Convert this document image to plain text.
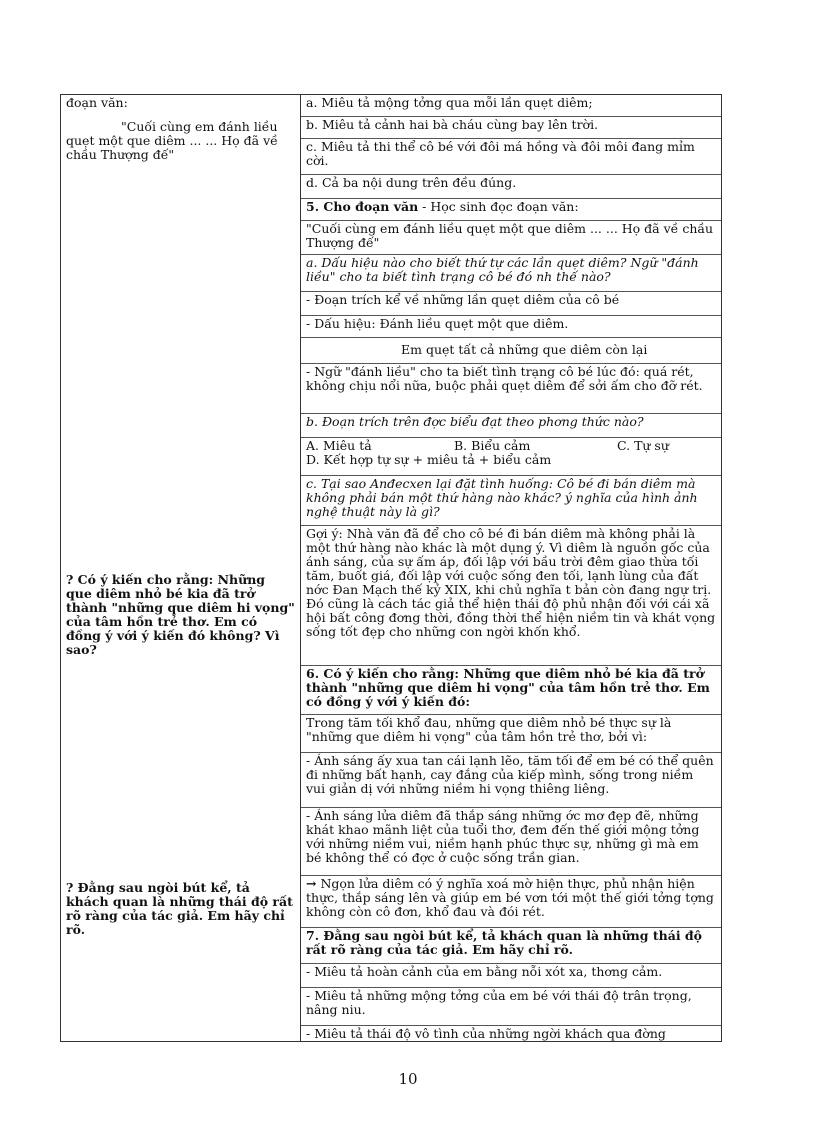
đoạn văn:
"Cuối cùng em đánh liều quẹt một que diêm ... ... Họ đã về chầu Thượng đế"
? Có ý kiến cho rằng: Những que diêm nhỏ bé kia đã trở thành "những que diêm hi vọng" của tâm hồn trẻ thơ. Em có đồng ý với ý kiến đó không? Vì sao?
? Đằng sau ngòi bút kể, tả khách quan là những thái độ rất rõ ràng của tác giả. Em hãy chỉ rõ.
a. Miêu tả mộng tởng qua mỗi lần quẹt diêm;
b. Miêu tả cảnh hai bà cháu cùng bay lên trời.
c. Miêu tả thi thể cô bé với đôi má hồng và đôi môi đang mỉm cời.
d. Cả ba nội dung trên đều đúng.
5. Cho đoạn văn - Học sinh đọc đoạn văn:
"Cuối cùng em đánh liều quẹt một que diêm ... ... Họ đã về chầu Thượng đế"
a. Dấu hiệu nào cho biết thứ tự các lần quẹt diêm? Ngữ "đánh liều" cho ta biết tình trạng cô bé đó nh thế nào?
- Đoạn trích kể về những lần quẹt diêm của cô bé
- Dấu hiệu: Đánh liều quẹt một que diêm.
Em quẹt tất cả những que diêm còn lại
- Ngữ "đánh liều" cho ta biết tình trạng cô bé lúc đó: quá rét, không chịu nổi nữa, buộc phải quẹt diêm để sởi ấm cho đỡ rét.
b. Đoạn trích trên đợc biểu đạt theo phơng thức nào?
A. Miêu tả	B. Biểu cảm	C. Tự sự
D. Kết hợp tự sự + miêu tả + biểu cảm
c. Tại sao Anđecxen lại đặt tình huống: Cô bé đi bán diêm mà không phải bán một thứ hàng nào khác? ý nghĩa của hình ảnh nghệ thuật này là gì?
Gợi ý: Nhà văn đã để cho cô bé đi bán diêm mà không phải là một thứ hàng nào khác là một dụng ý. Vì diêm là nguồn gốc của ánh sáng, của sự ấm áp, đối lập với bầu trời đêm giao thừa tối tăm, buốt giá, đối lập với cuộc sống đen tối, lạnh lùng của đất nớc Đan Mạch thế kỷ XIX, khi chủ nghĩa t bản còn đang ngự trị. Đó cũng là cách tác giả thể hiện thái độ phủ nhận đối với cái xã hội bất công đơng thời, đồng thời thể hiện niềm tin và khát vọng sống tốt đẹp cho những con ngời khốn khổ.
6. Có ý kiến cho rằng: Những que diêm nhỏ bé kia đã trở thành "những que diêm hi vọng" của tâm hồn trẻ thơ. Em có đồng ý với ý kiến đó:
Trong tăm tối khổ đau, những que diêm nhỏ bé thực sự là "những que diêm hi vọng" của tâm hồn trẻ thơ, bởi vì:
- Ánh sáng ấy xua tan cái lạnh lẽo, tăm tối để em bé có thể quên đi những bất hạnh, cay đắng của kiếp mình, sống trong niềm vui giản dị với những niềm hi vọng thiêng liêng.
- Ánh sáng lửa diêm đã thắp sáng những ớc mơ đẹp đẽ, những khát khao mãnh liệt của tuổi thơ, đem đến thế giới mộng tởng với những niềm vui, niềm hạnh phúc thực sự, những gì mà em bé không thể có đợc ở cuộc sống trần gian.
→ Ngọn lửa diêm có ý nghĩa xoá mờ hiện thực, phủ nhận hiện thực, thắp sáng lên và giúp em bé vơn tới một thế giới tởng tợng không còn cô đơn, khổ đau và đói rét.
7. Đằng sau ngòi bút kể, tả khách quan là những thái độ rất rõ ràng của tác giả. Em hãy chỉ rõ.
- Miêu tả hoàn cảnh của em bằng nỗi xót xa, thơng cảm.
- Miêu tả những mộng tởng của em bé với thái độ trân trọng, nâng niu.
- Miêu tả thái độ vô tình của những ngời khách qua đờng
10
